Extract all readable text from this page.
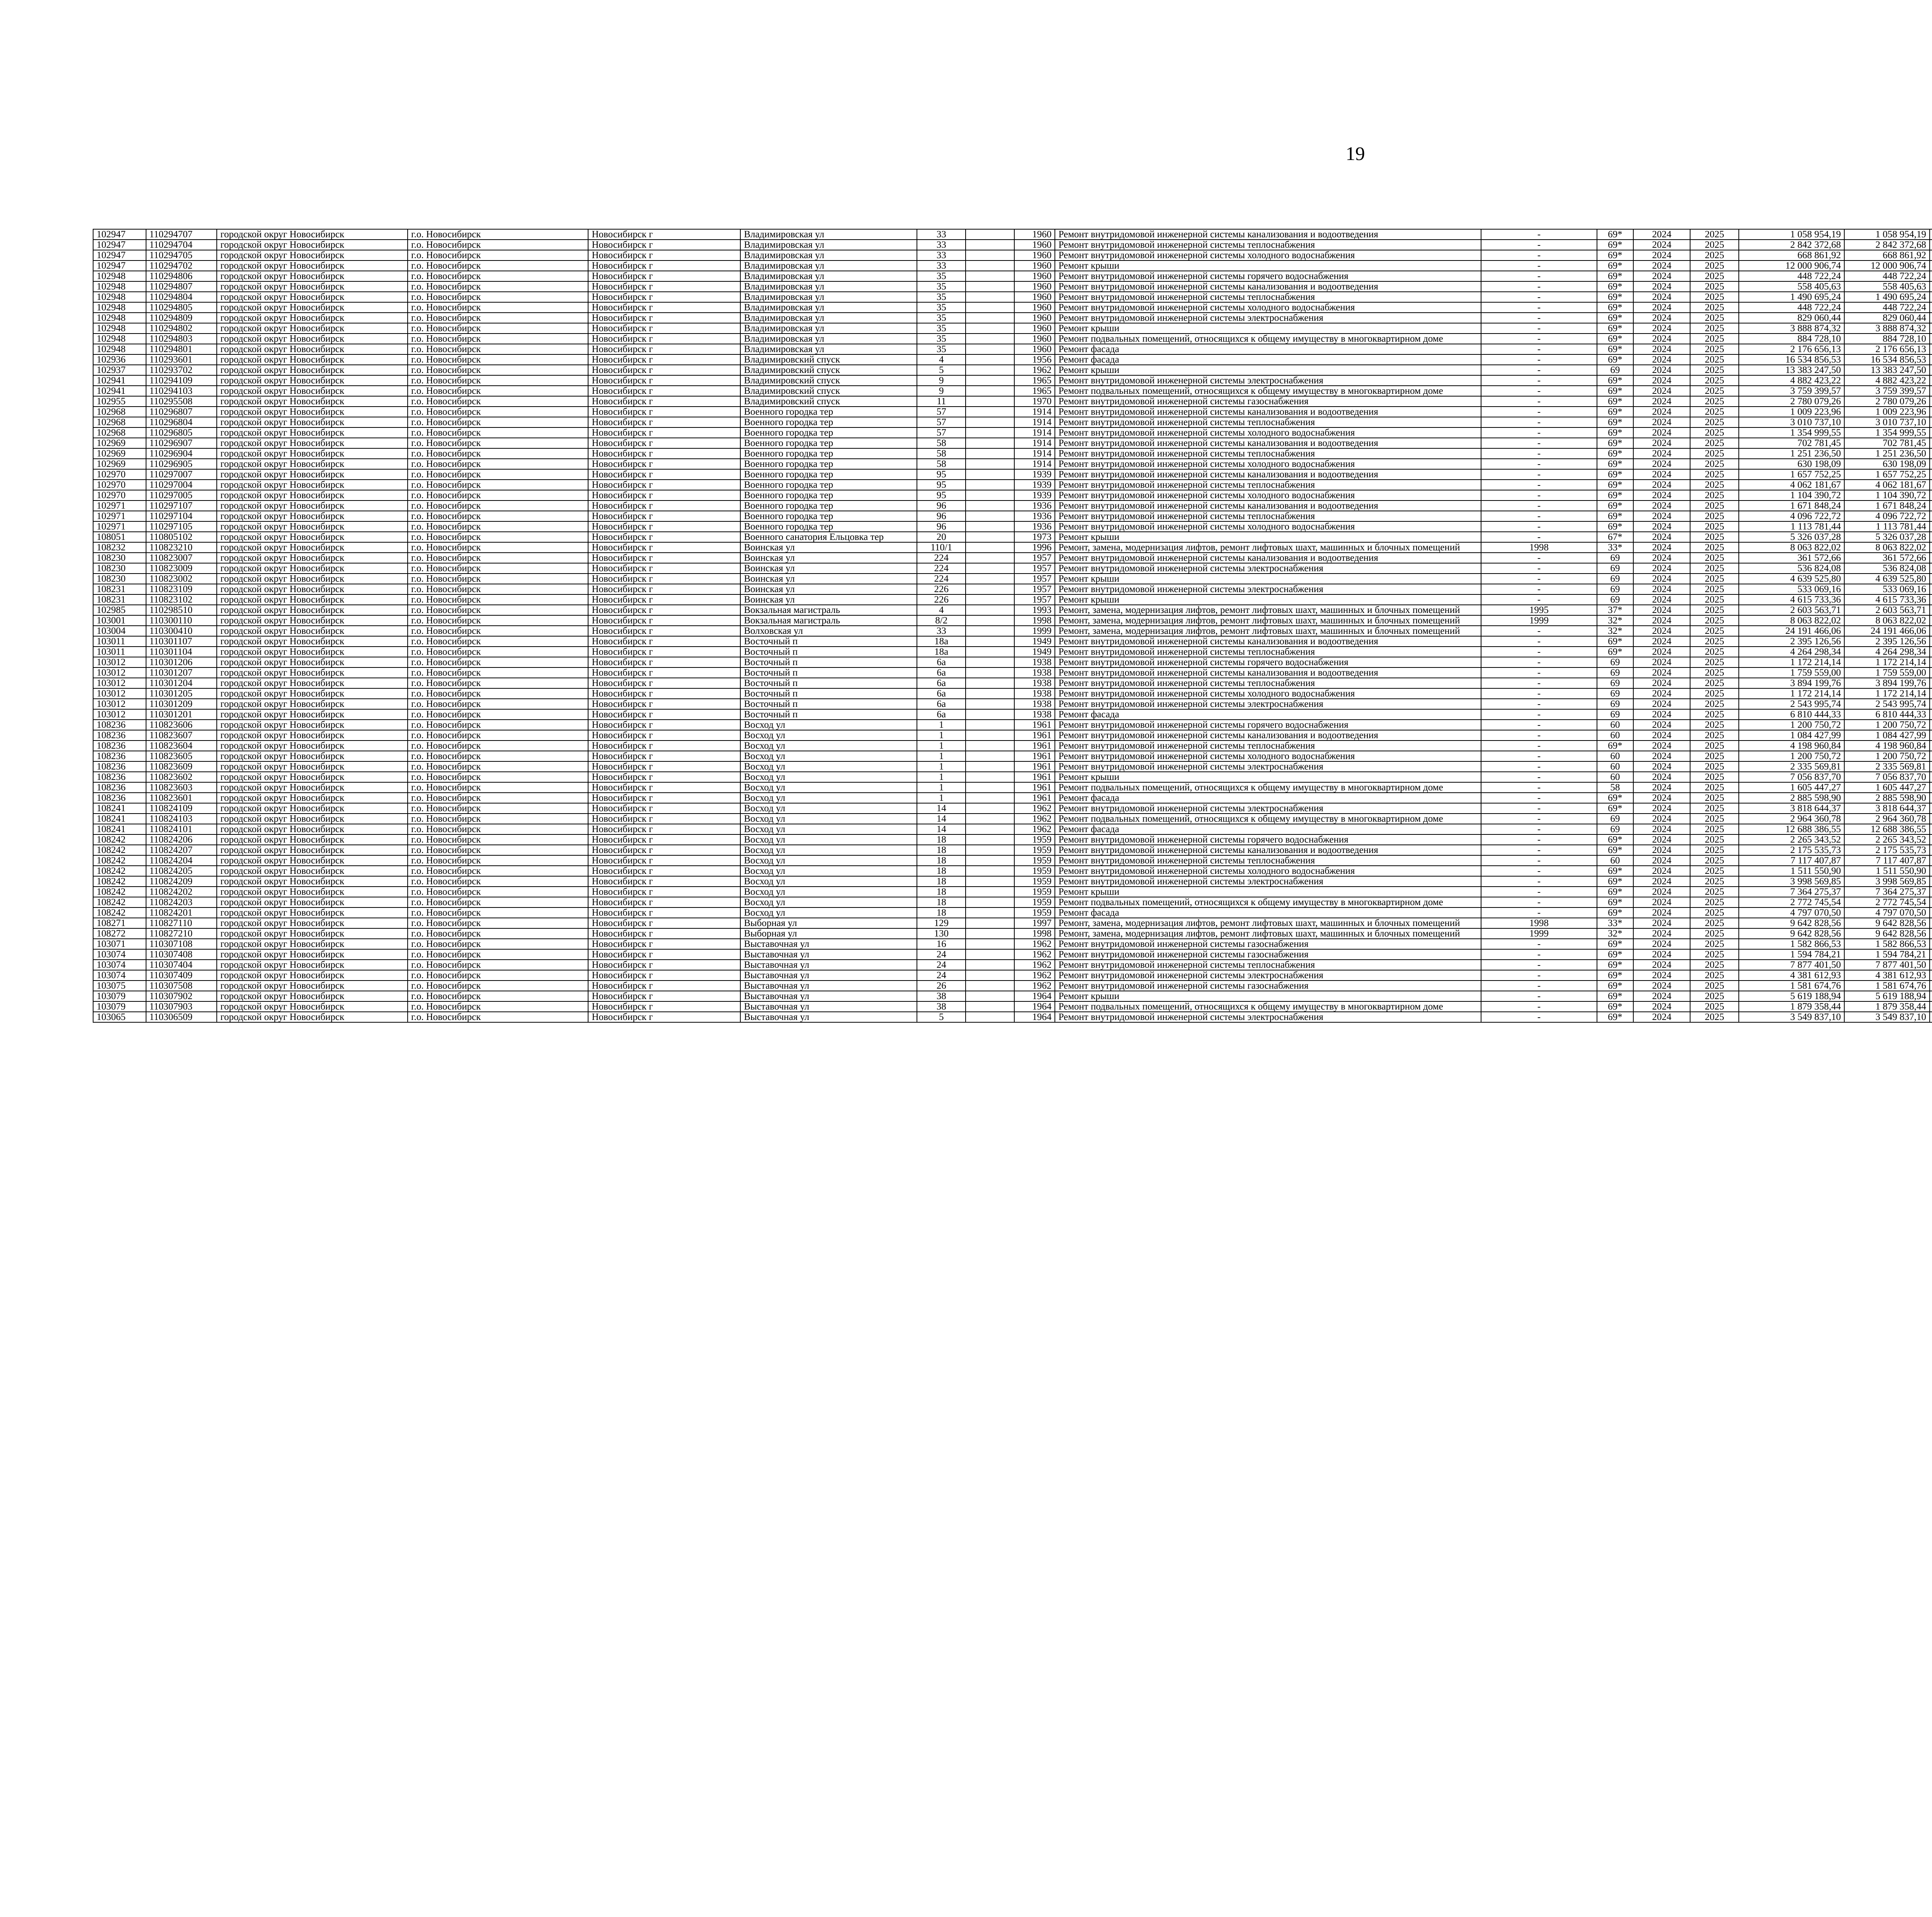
19
102947	110294707	городской округ Новосибирск	г.о. Новосибирск	Новосибирск г	Владимировская ул	33		1960	Ремонт внутридомовой инженерной системы канализования и водоотведения	-	69*	2024	2025	1 058 954,19	1 058 954,19						
102947	110294704	городской округ Новосибирск	г.о. Новосибирск	Новосибирск г	Владимировская ул	33		1960	Ремонт внутридомовой инженерной системы теплоснабжения	-	69*	2024	2025	2 842 372,68	2 842 372,68						
102947	110294705	городской округ Новосибирск	г.о. Новосибирск	Новосибирск г	Владимировская ул	33		1960	Ремонт внутридомовой инженерной системы холодного водоснабжения	-	69*	2024	2025	668 861,92	668 861,92						
102947	110294702	городской округ Новосибирск	г.о. Новосибирск	Новосибирск г	Владимировская ул	33		1960	Ремонт крыши	-	69*	2024	2025	12 000 906,74	12 000 906,74						
102948	110294806	городской округ Новосибирск	г.о. Новосибирск	Новосибирск г	Владимировская ул	35		1960	Ремонт внутридомовой инженерной системы горячего водоснабжения	-	69*	2024	2025	448 722,24	448 722,24						
102948	110294807	городской округ Новосибирск	г.о. Новосибирск	Новосибирск г	Владимировская ул	35		1960	Ремонт внутридомовой инженерной системы канализования и водоотведения	-	69*	2024	2025	558 405,63	558 405,63						
102948	110294804	городской округ Новосибирск	г.о. Новосибирск	Новосибирск г	Владимировская ул	35		1960	Ремонт внутридомовой инженерной системы теплоснабжения	-	69*	2024	2025	1 490 695,24	1 490 695,24						
102948	110294805	городской округ Новосибирск	г.о. Новосибирск	Новосибирск г	Владимировская ул	35		1960	Ремонт внутридомовой инженерной системы холодного водоснабжения	-	69*	2024	2025	448 722,24	448 722,24						
102948	110294809	городской округ Новосибирск	г.о. Новосибирск	Новосибирск г	Владимировская ул	35		1960	Ремонт внутридомовой инженерной системы электроснабжения	-	69*	2024	2025	829 060,44	829 060,44						
102948	110294802	городской округ Новосибирск	г.о. Новосибирск	Новосибирск г	Владимировская ул	35		1960	Ремонт крыши	-	69*	2024	2025	3 888 874,32	3 888 874,32						
102948	110294803	городской округ Новосибирск	г.о. Новосибирск	Новосибирск г	Владимировская ул	35		1960	Ремонт подвальных помещений, относящихся к общему имуществу в многоквартирном доме	-	69*	2024	2025	884 728,10	884 728,10						
102948	110294801	городской округ Новосибирск	г.о. Новосибирск	Новосибирск г	Владимировская ул	35		1960	Ремонт фасада	-	69*	2024	2025	2 176 656,13	2 176 656,13						
102936	110293601	городской округ Новосибирск	г.о. Новосибирск	Новосибирск г	Владимировский спуск	4		1956	Ремонт фасада	-	69*	2024	2025	16 534 856,53	16 534 856,53						
102937	110293702	городской округ Новосибирск	г.о. Новосибирск	Новосибирск г	Владимировский спуск	5		1962	Ремонт крыши	-	69	2024	2025	13 383 247,50	13 383 247,50						
102941	110294109	городской округ Новосибирск	г.о. Новосибирск	Новосибирск г	Владимировский спуск	9		1965	Ремонт внутридомовой инженерной системы электроснабжения	-	69*	2024	2025	4 882 423,22	4 882 423,22						
102941	110294103	городской округ Новосибирск	г.о. Новосибирск	Новосибирск г	Владимировский спуск	9		1965	Ремонт подвальных помещений, относящихся к общему имуществу в многоквартирном доме	-	69*	2024	2025	3 759 399,57	3 759 399,57						
102955	110295508	городской округ Новосибирск	г.о. Новосибирск	Новосибирск г	Владимировский спуск	11		1970	Ремонт внутридомовой инженерной системы газоснабжения	-	69*	2024	2025	2 780 079,26	2 780 079,26						
102968	110296807	городской округ Новосибирск	г.о. Новосибирск	Новосибирск г	Военного городка тер	57		1914	Ремонт внутридомовой инженерной системы канализования и водоотведения	-	69*	2024	2025	1 009 223,96	1 009 223,96						
102968	110296804	городской округ Новосибирск	г.о. Новосибирск	Новосибирск г	Военного городка тер	57		1914	Ремонт внутридомовой инженерной системы теплоснабжения	-	69*	2024	2025	3 010 737,10	3 010 737,10						
102968	110296805	городской округ Новосибирск	г.о. Новосибирск	Новосибирск г	Военного городка тер	57		1914	Ремонт внутридомовой инженерной системы холодного водоснабжения	-	69*	2024	2025	1 354 999,55	1 354 999,55						
102969	110296907	городской округ Новосибирск	г.о. Новосибирск	Новосибирск г	Военного городка тер	58		1914	Ремонт внутридомовой инженерной системы канализования и водоотведения	-	69*	2024	2025	702 781,45	702 781,45						
102969	110296904	городской округ Новосибирск	г.о. Новосибирск	Новосибирск г	Военного городка тер	58		1914	Ремонт внутридомовой инженерной системы теплоснабжения	-	69*	2024	2025	1 251 236,50	1 251 236,50						
102969	110296905	городской округ Новосибирск	г.о. Новосибирск	Новосибирск г	Военного городка тер	58		1914	Ремонт внутридомовой инженерной системы холодного водоснабжения	-	69*	2024	2025	630 198,09	630 198,09						
102970	110297007	городской округ Новосибирск	г.о. Новосибирск	Новосибирск г	Военного городка тер	95		1939	Ремонт внутридомовой инженерной системы канализования и водоотведения	-	69*	2024	2025	1 657 752,25	1 657 752,25						
102970	110297004	городской округ Новосибирск	г.о. Новосибирск	Новосибирск г	Военного городка тер	95		1939	Ремонт внутридомовой инженерной системы теплоснабжения	-	69*	2024	2025	4 062 181,67	4 062 181,67						
102970	110297005	городской округ Новосибирск	г.о. Новосибирск	Новосибирск г	Военного городка тер	95		1939	Ремонт внутридомовой инженерной системы холодного водоснабжения	-	69*	2024	2025	1 104 390,72	1 104 390,72						
102971	110297107	городской округ Новосибирск	г.о. Новосибирск	Новосибирск г	Военного городка тер	96		1936	Ремонт внутридомовой инженерной системы канализования и водоотведения	-	69*	2024	2025	1 671 848,24	1 671 848,24						
102971	110297104	городской округ Новосибирск	г.о. Новосибирск	Новосибирск г	Военного городка тер	96		1936	Ремонт внутридомовой инженерной системы теплоснабжения	-	69*	2024	2025	4 096 722,72	4 096 722,72						
102971	110297105	городской округ Новосибирск	г.о. Новосибирск	Новосибирск г	Военного городка тер	96		1936	Ремонт внутридомовой инженерной системы холодного водоснабжения	-	69*	2024	2025	1 113 781,44	1 113 781,44						
108051	110805102	городской округ Новосибирск	г.о. Новосибирск	Новосибирск г	Военного санатория Ельцовка тер	20		1973	Ремонт крыши	-	67*	2024	2025	5 326 037,28	5 326 037,28						
108232	110823210	городской округ Новосибирск	г.о. Новосибирск	Новосибирск г	Воинская ул	110/1		1996	Ремонт, замена, модернизация лифтов, ремонт лифтовых шахт, машинных и блочных помещений	1998	33*	2024	2025	8 063 822,02	8 063 822,02						
108230	110823007	городской округ Новосибирск	г.о. Новосибирск	Новосибирск г	Воинская ул	224		1957	Ремонт внутридомовой инженерной системы канализования и водоотведения	-	69	2024	2025	361 572,66	361 572,66						
108230	110823009	городской округ Новосибирск	г.о. Новосибирск	Новосибирск г	Воинская ул	224		1957	Ремонт внутридомовой инженерной системы электроснабжения	-	69	2024	2025	536 824,08	536 824,08						
108230	110823002	городской округ Новосибирск	г.о. Новосибирск	Новосибирск г	Воинская ул	224		1957	Ремонт крыши	-	69	2024	2025	4 639 525,80	4 639 525,80						
108231	110823109	городской округ Новосибирск	г.о. Новосибирск	Новосибирск г	Воинская ул	226		1957	Ремонт внутридомовой инженерной системы электроснабжения	-	69	2024	2025	533 069,16	533 069,16						
108231	110823102	городской округ Новосибирск	г.о. Новосибирск	Новосибирск г	Воинская ул	226		1957	Ремонт крыши	-	69	2024	2025	4 615 733,36	4 615 733,36						
102985	110298510	городской округ Новосибирск	г.о. Новосибирск	Новосибирск г	Вокзальная магистраль	4		1993	Ремонт, замена, модернизация лифтов, ремонт лифтовых шахт, машинных и блочных помещений	1995	37*	2024	2025	2 603 563,71	2 603 563,71						
103001	110300110	городской округ Новосибирск	г.о. Новосибирск	Новосибирск г	Вокзальная магистраль	8/2		1998	Ремонт, замена, модернизация лифтов, ремонт лифтовых шахт, машинных и блочных помещений	1999	32*	2024	2025	8 063 822,02	8 063 822,02						
103004	110300410	городской округ Новосибирск	г.о. Новосибирск	Новосибирск г	Волховская ул	33		1999	Ремонт, замена, модернизация лифтов, ремонт лифтовых шахт, машинных и блочных помещений	-	32*	2024	2025	24 191 466,06	24 191 466,06						
103011	110301107	городской округ Новосибирск	г.о. Новосибирск	Новосибирск г	Восточный п	18а		1949	Ремонт внутридомовой инженерной системы канализования и водоотведения	-	69*	2024	2025	2 395 126,56	2 395 126,56						
103011	110301104	городской округ Новосибирск	г.о. Новосибирск	Новосибирск г	Восточный п	18а		1949	Ремонт внутридомовой инженерной системы теплоснабжения	-	69*	2024	2025	4 264 298,34	4 264 298,34						
103012	110301206	городской округ Новосибирск	г.о. Новосибирск	Новосибирск г	Восточный п	6а		1938	Ремонт внутридомовой инженерной системы горячего водоснабжения	-	69	2024	2025	1 172 214,14	1 172 214,14						
103012	110301207	городской округ Новосибирск	г.о. Новосибирск	Новосибирск г	Восточный п	6а		1938	Ремонт внутридомовой инженерной системы канализования и водоотведения	-	69	2024	2025	1 759 559,00	1 759 559,00						
103012	110301204	городской округ Новосибирск	г.о. Новосибирск	Новосибирск г	Восточный п	6а		1938	Ремонт внутридомовой инженерной системы теплоснабжения	-	69	2024	2025	3 894 199,76	3 894 199,76						
103012	110301205	городской округ Новосибирск	г.о. Новосибирск	Новосибирск г	Восточный п	6а		1938	Ремонт внутридомовой инженерной системы холодного водоснабжения	-	69	2024	2025	1 172 214,14	1 172 214,14						
103012	110301209	городской округ Новосибирск	г.о. Новосибирск	Новосибирск г	Восточный п	6а		1938	Ремонт внутридомовой инженерной системы электроснабжения	-	69	2024	2025	2 543 995,74	2 543 995,74						
103012	110301201	городской округ Новосибирск	г.о. Новосибирск	Новосибирск г	Восточный п	6а		1938	Ремонт фасада	-	69	2024	2025	6 810 444,33	6 810 444,33						
108236	110823606	городской округ Новосибирск	г.о. Новосибирск	Новосибирск г	Восход ул	1		1961	Ремонт внутридомовой инженерной системы горячего водоснабжения	-	60	2024	2025	1 200 750,72	1 200 750,72						
108236	110823607	городской округ Новосибирск	г.о. Новосибирск	Новосибирск г	Восход ул	1		1961	Ремонт внутридомовой инженерной системы канализования и водоотведения	-	60	2024	2025	1 084 427,99	1 084 427,99						
108236	110823604	городской округ Новосибирск	г.о. Новосибирск	Новосибирск г	Восход ул	1		1961	Ремонт внутридомовой инженерной системы теплоснабжения	-	69*	2024	2025	4 198 960,84	4 198 960,84						
108236	110823605	городской округ Новосибирск	г.о. Новосибирск	Новосибирск г	Восход ул	1		1961	Ремонт внутридомовой инженерной системы холодного водоснабжения	-	60	2024	2025	1 200 750,72	1 200 750,72						
108236	110823609	городской округ Новосибирск	г.о. Новосибирск	Новосибирск г	Восход ул	1		1961	Ремонт внутридомовой инженерной системы электроснабжения	-	60	2024	2025	2 335 569,81	2 335 569,81						
108236	110823602	городской округ Новосибирск	г.о. Новосибирск	Новосибирск г	Восход ул	1		1961	Ремонт крыши	-	60	2024	2025	7 056 837,70	7 056 837,70						
108236	110823603	городской округ Новосибирск	г.о. Новосибирск	Новосибирск г	Восход ул	1		1961	Ремонт подвальных помещений, относящихся к общему имуществу в многоквартирном доме	-	58	2024	2025	1 605 447,27	1 605 447,27						
108236	110823601	городской округ Новосибирск	г.о. Новосибирск	Новосибирск г	Восход ул	1		1961	Ремонт фасада	-	69*	2024	2025	2 885 598,90	2 885 598,90						
108241	110824109	городской округ Новосибирск	г.о. Новосибирск	Новосибирск г	Восход ул	14		1962	Ремонт внутридомовой инженерной системы электроснабжения	-	69*	2024	2025	3 818 644,37	3 818 644,37						
108241	110824103	городской округ Новосибирск	г.о. Новосибирск	Новосибирск г	Восход ул	14		1962	Ремонт подвальных помещений, относящихся к общему имуществу в многоквартирном доме	-	69	2024	2025	2 964 360,78	2 964 360,78						
108241	110824101	городской округ Новосибирск	г.о. Новосибирск	Новосибирск г	Восход ул	14		1962	Ремонт фасада	-	69	2024	2025	12 688 386,55	12 688 386,55						
108242	110824206	городской округ Новосибирск	г.о. Новосибирск	Новосибирск г	Восход ул	18		1959	Ремонт внутридомовой инженерной системы горячего водоснабжения	-	69*	2024	2025	2 265 343,52	2 265 343,52						
108242	110824207	городской округ Новосибирск	г.о. Новосибирск	Новосибирск г	Восход ул	18		1959	Ремонт внутридомовой инженерной системы канализования и водоотведения	-	69*	2024	2025	2 175 535,73	2 175 535,73						
108242	110824204	городской округ Новосибирск	г.о. Новосибирск	Новосибирск г	Восход ул	18		1959	Ремонт внутридомовой инженерной системы теплоснабжения	-	60	2024	2025	7 117 407,87	7 117 407,87						
108242	110824205	городской округ Новосибирск	г.о. Новосибирск	Новосибирск г	Восход ул	18		1959	Ремонт внутридомовой инженерной системы холодного водоснабжения	-	69*	2024	2025	1 511 550,90	1 511 550,90						
108242	110824209	городской округ Новосибирск	г.о. Новосибирск	Новосибирск г	Восход ул	18		1959	Ремонт внутридомовой инженерной системы электроснабжения	-	69*	2024	2025	3 998 569,85	3 998 569,85						
108242	110824202	городской округ Новосибирск	г.о. Новосибирск	Новосибирск г	Восход ул	18		1959	Ремонт крыши	-	69*	2024	2025	7 364 275,37	7 364 275,37						
108242	110824203	городской округ Новосибирск	г.о. Новосибирск	Новосибирск г	Восход ул	18		1959	Ремонт подвальных помещений, относящихся к общему имуществу в многоквартирном доме	-	69*	2024	2025	2 772 745,54	2 772 745,54						
108242	110824201	городской округ Новосибирск	г.о. Новосибирск	Новосибирск г	Восход ул	18		1959	Ремонт фасада	-	69*	2024	2025	4 797 070,50	4 797 070,50						
108271	110827110	городской округ Новосибирск	г.о. Новосибирск	Новосибирск г	Выборная ул	129		1997	Ремонт, замена, модернизация лифтов, ремонт лифтовых шахт, машинных и блочных помещений	1998	33*	2024	2025	9 642 828,56	9 642 828,56						
108272	110827210	городской округ Новосибирск	г.о. Новосибирск	Новосибирск г	Выборная ул	130		1998	Ремонт, замена, модернизация лифтов, ремонт лифтовых шахт, машинных и блочных помещений	1999	32*	2024	2025	9 642 828,56	9 642 828,56						
103071	110307108	городской округ Новосибирск	г.о. Новосибирск	Новосибирск г	Выставочная ул	16		1962	Ремонт внутридомовой инженерной системы газоснабжения	-	69*	2024	2025	1 582 866,53	1 582 866,53						
103074	110307408	городской округ Новосибирск	г.о. Новосибирск	Новосибирск г	Выставочная ул	24		1962	Ремонт внутридомовой инженерной системы газоснабжения	-	69*	2024	2025	1 594 784,21	1 594 784,21						
103074	110307404	городской округ Новосибирск	г.о. Новосибирск	Новосибирск г	Выставочная ул	24		1962	Ремонт внутридомовой инженерной системы теплоснабжения	-	69*	2024	2025	7 877 401,50	7 877 401,50						
103074	110307409	городской округ Новосибирск	г.о. Новосибирск	Новосибирск г	Выставочная ул	24		1962	Ремонт внутридомовой инженерной системы электроснабжения	-	69*	2024	2025	4 381 612,93	4 381 612,93						
103075	110307508	городской округ Новосибирск	г.о. Новосибирск	Новосибирск г	Выставочная ул	26		1962	Ремонт внутридомовой инженерной системы газоснабжения	-	69*	2024	2025	1 581 674,76	1 581 674,76						
103079	110307902	городской округ Новосибирск	г.о. Новосибирск	Новосибирск г	Выставочная ул	38		1964	Ремонт крыши	-	69*	2024	2025	5 619 188,94	5 619 188,94						
103079	110307903	городской округ Новосибирск	г.о. Новосибирск	Новосибирск г	Выставочная ул	38		1964	Ремонт подвальных помещений, относящихся к общему имуществу в многоквартирном доме	-	69*	2024	2025	1 879 358,44	1 879 358,44						
103065	110306509	городской округ Новосибирск	г.о. Новосибирск	Новосибирск г	Выставочная ул	5		1964	Ремонт внутридомовой инженерной системы электроснабжения	-	69*	2024	2025	3 549 837,10	3 549 837,10						
